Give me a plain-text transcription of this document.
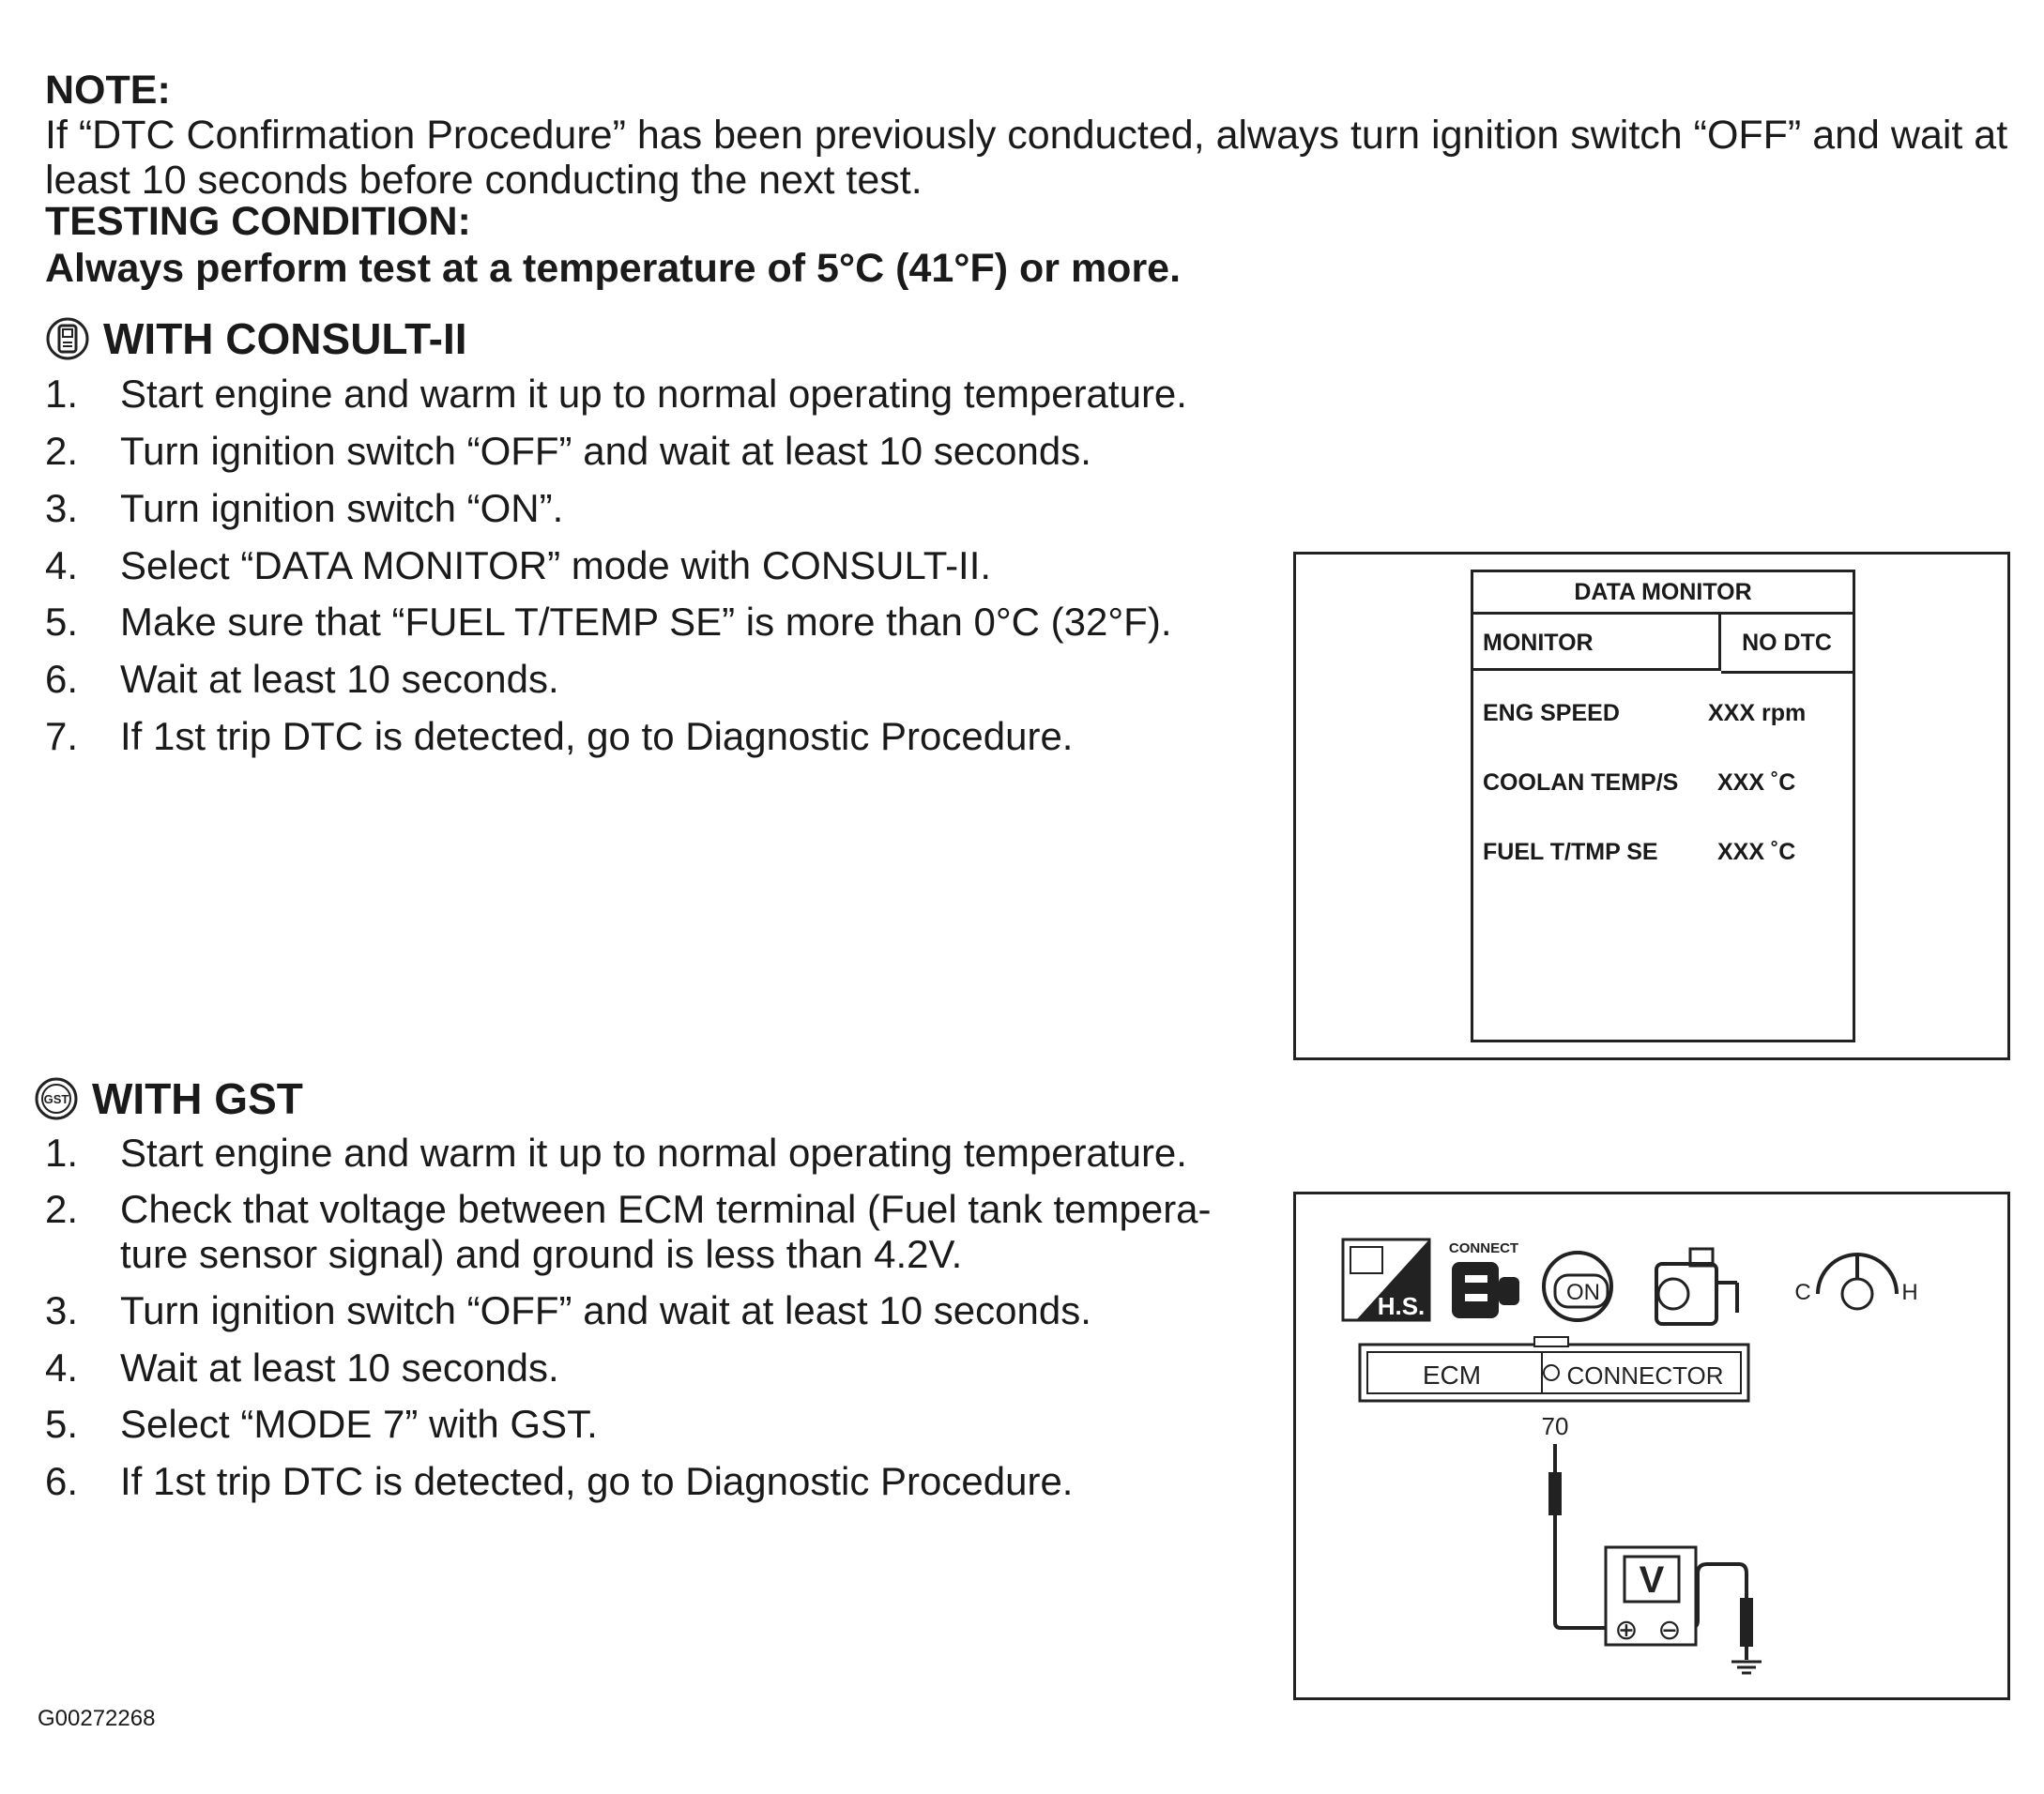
NOTE:
If “DTC Confirmation Procedure” has been previously conducted, always turn ignition switch “OFF” and wait at least 10 seconds before conducting the next test.
TESTING CONDITION:
Always perform test at a temperature of 5°C (41°F) or more.
WITH CONSULT-II
1.	Start engine and warm it up to normal operating temperature.
2.	Turn ignition switch “OFF” and wait at least 10 seconds.
3.	Turn ignition switch “ON”.
4.	Select “DATA MONITOR” mode with CONSULT-II.
5.	Make sure that “FUEL T/TEMP SE” is more than 0°C (32°F).
6.	Wait at least 10 seconds.
7.	If 1st trip DTC is detected, go to Diagnostic Procedure.
DATA MONITOR
MONITOR	NO DTC
ENG SPEED	XXX rpm
COOLAN TEMP/S XXX ˚C
FUEL T/TMP SE	XXX ˚C
GST WITH GST
1.	Start engine and warm it up to normal operating temperature.
2.	Check that voltage between ECM terminal (Fuel tank tempera-
ture sensor signal) and ground is less than 4.2V.
3.	Turn ignition switch “OFF” and wait at least 10 seconds.
4.	Wait at least 10 seconds.
5.	Select “MODE 7” with GST.
6.	If 1st trip DTC is detected, go to Diagnostic Procedure.
H.S.
CONNECT
ON	C	H
ECM	CONNECTOR
70
V
⊕ ⊖
G00272268
